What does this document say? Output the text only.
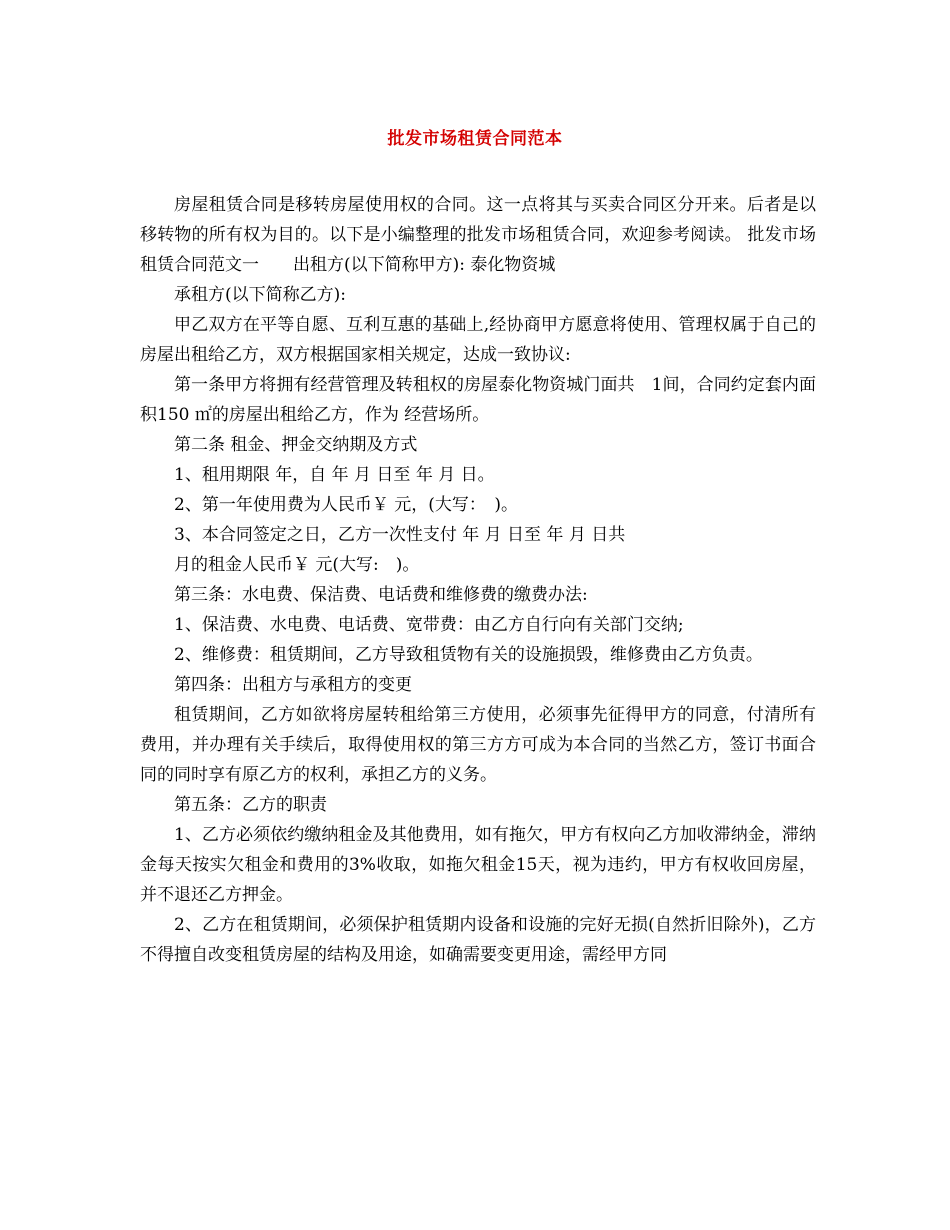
批发市场租赁合同范本

房屋租赁合同是移转房屋使用权的合同。这一点将其与买卖合同区分开来。后者是以移转物的所有权为目的。以下是小编整理的批发市场租赁合同，欢迎参考阅读。 批发市场租赁合同范文一　　出租方(以下简称甲方): 泰化物资城

承租方(以下简称乙方):

甲乙双方在平等自愿、互利互惠的基础上,经协商甲方愿意将使用、管理权属于自己的房屋出租给乙方，双方根据国家相关规定，达成一致协议:

第一条甲方将拥有经营管理及转租权的房屋泰化物资城门面共　1间，合同约定套内面积150 ㎡的房屋出租给乙方，作为 经营场所。

第二条 租金、押金交纳期及方式

1、租用期限 年，自 年 月 日至 年 月 日。

2、第一年使用费为人民币￥ 元，(大写：　)。

3、本合同签定之日，乙方一次性支付 年 月 日至 年 月 日共

月的租金人民币￥ 元(大写:　)。

第三条：水电费、保洁费、电话费和维修费的缴费办法:

1、保洁费、水电费、电话费、宽带费：由乙方自行向有关部门交纳;

2、维修费：租赁期间，乙方导致租赁物有关的设施损毁，维修费由乙方负责。

第四条：出租方与承租方的变更

租赁期间，乙方如欲将房屋转租给第三方使用，必须事先征得甲方的同意，付清所有费用，并办理有关手续后，取得使用权的第三方方可成为本合同的当然乙方，签订书面合同的同时享有原乙方的权利，承担乙方的义务。

第五条：乙方的职责

1、乙方必须依约缴纳租金及其他费用，如有拖欠，甲方有权向乙方加收滞纳金，滞纳金每天按实欠租金和费用的3%收取，如拖欠租金15天，视为违约，甲方有权收回房屋，并不退还乙方押金。

2、乙方在租赁期间，必须保护租赁期内设备和设施的完好无损(自然折旧除外)，乙方不得擅自改变租赁房屋的结构及用途，如确需要变更用途，需经甲方同
